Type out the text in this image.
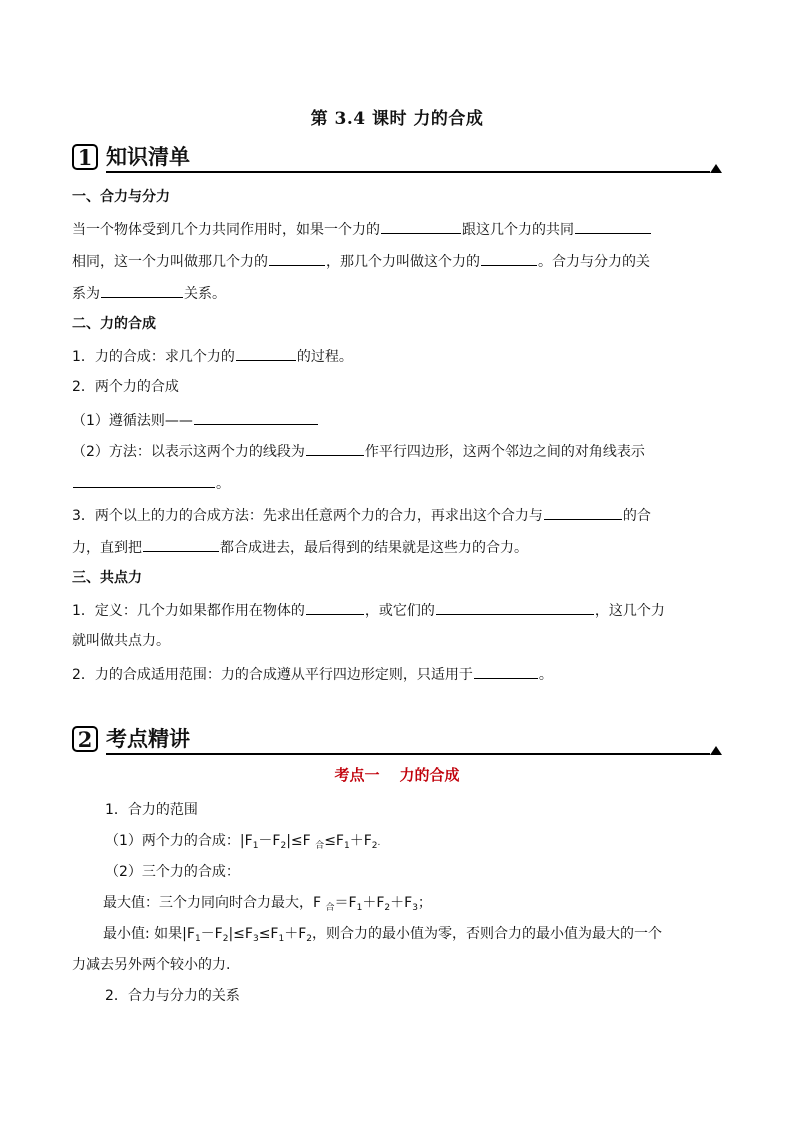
第 3.4 课时 力的合成
1 知识清单
一、合力与分力
当一个物体受到几个力共同作用时，如果一个力的	跟这几个力的共同
相同，这一个力叫做那几个力的	，那几个力叫做这个力的	。合力与分力的关
系为	关系。
二、力的合成
1．力的合成：求几个力的	的过程。
2．两个力的合成
（1）遵循法则——
（2）方法：以表示这两个力的线段为	作平行四边形，这两个邻边之间的对角线表示
。
3．两个以上的力的合成方法：先求出任意两个力的合力，再求出这个合力与	的合
力，直到把	都合成进去，最后得到的结果就是这些力的合力。
三、共点力
1．定义：几个力如果都作用在物体的	，或它们的	，这几个力
就叫做共点力。
2．力的合成适用范围：力的合成遵从平行四边形定则，只适用于	。
2 考点精讲
考点一 力的合成
1．合力的范围
（1）两个力的合成：$|F_1-F_2|\le F$ $_合\le F_1+F_2$.
（2）三个力的合成：
最大值：三个力同向时合力最大，F $_合=F_1+F_2+F_3$；
最小值: 如果$|F_1-F_2|\le F_3\le F_1+F_2$，则合力的最小值为零，否则合力的最小值为最大的一个
力减去另外两个较小的力.
2．合力与分力的关系
